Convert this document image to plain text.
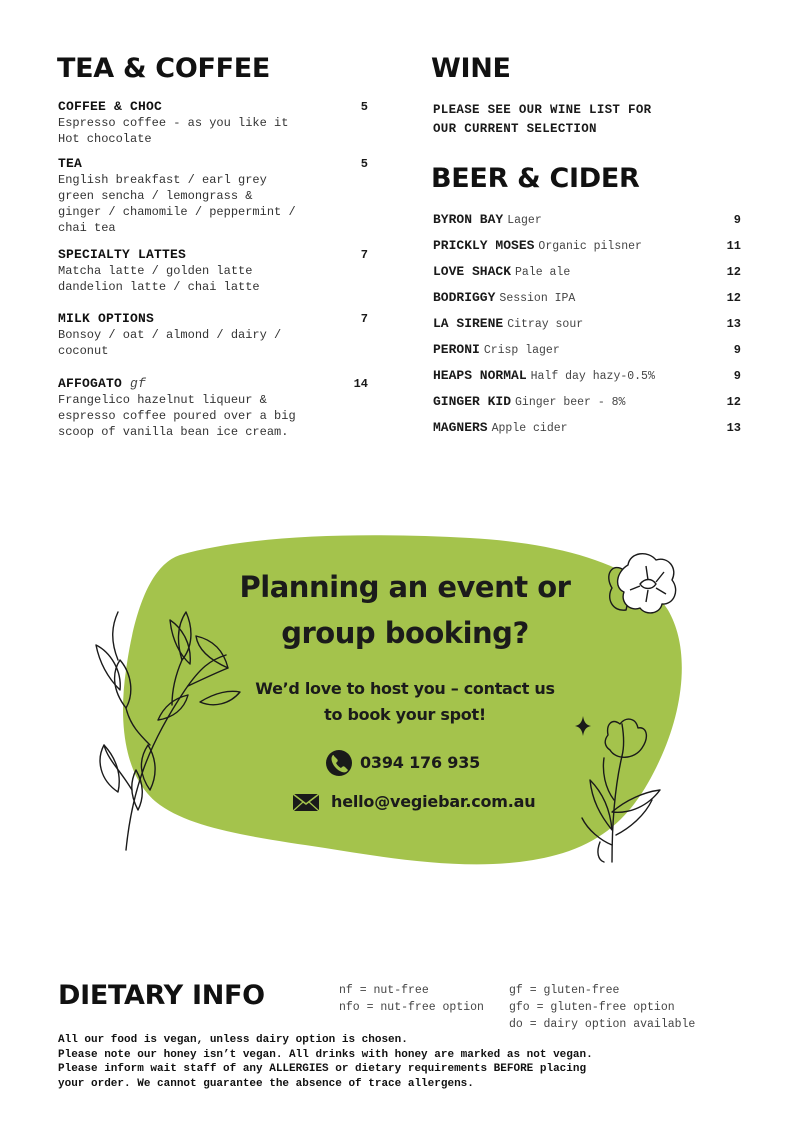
TEA & COFFEE
COFFEE & CHOC	5
Espresso coffee - as you like it
Hot chocolate
TEA	5
English breakfast / earl grey
green sencha / lemongrass &
ginger / chamomile / peppermint /
chai tea
SPECIALTY LATTES	7
Matcha latte / golden latte
dandelion latte / chai latte
MILK OPTIONS	7
Bonsoy / oat / almond / dairy /
coconut
AFFOGATO gf	14
Frangelico hazelnut liqueur &
espresso coffee poured over a big
scoop of vanilla bean ice cream.
WINE
PLEASE SEE OUR WINE LIST FOR
OUR CURRENT SELECTION
BEER & CIDER
BYRON BAY Lager	9
PRICKLY MOSES Organic pilsner	11
LOVE SHACK Pale ale	12
BODRIGGY Session IPA	12
LA SIRENE Citray sour	13
PERONI Crisp lager	9
HEAPS NORMAL Half day hazy-0.5%	9
GINGER KID Ginger beer - 8%	12
MAGNERS Apple cider	13
Planning an event or
group booking?
We’d love to host you – contact us
to book your spot!
0394 176 935
hello@vegiebar.com.au
DIETARY INFO	nf = nut-free
nfo = nut-free option
gf = gluten-free
gfo = gluten-free option
do = dairy option available
All our food is vegan, unless dairy option is chosen.
Please note our honey isn’t vegan. All drinks with honey are marked as not vegan.
Please inform wait staff of any ALLERGIES or dietary requirements BEFORE placing
your order. We cannot guarantee the absence of trace allergens.
